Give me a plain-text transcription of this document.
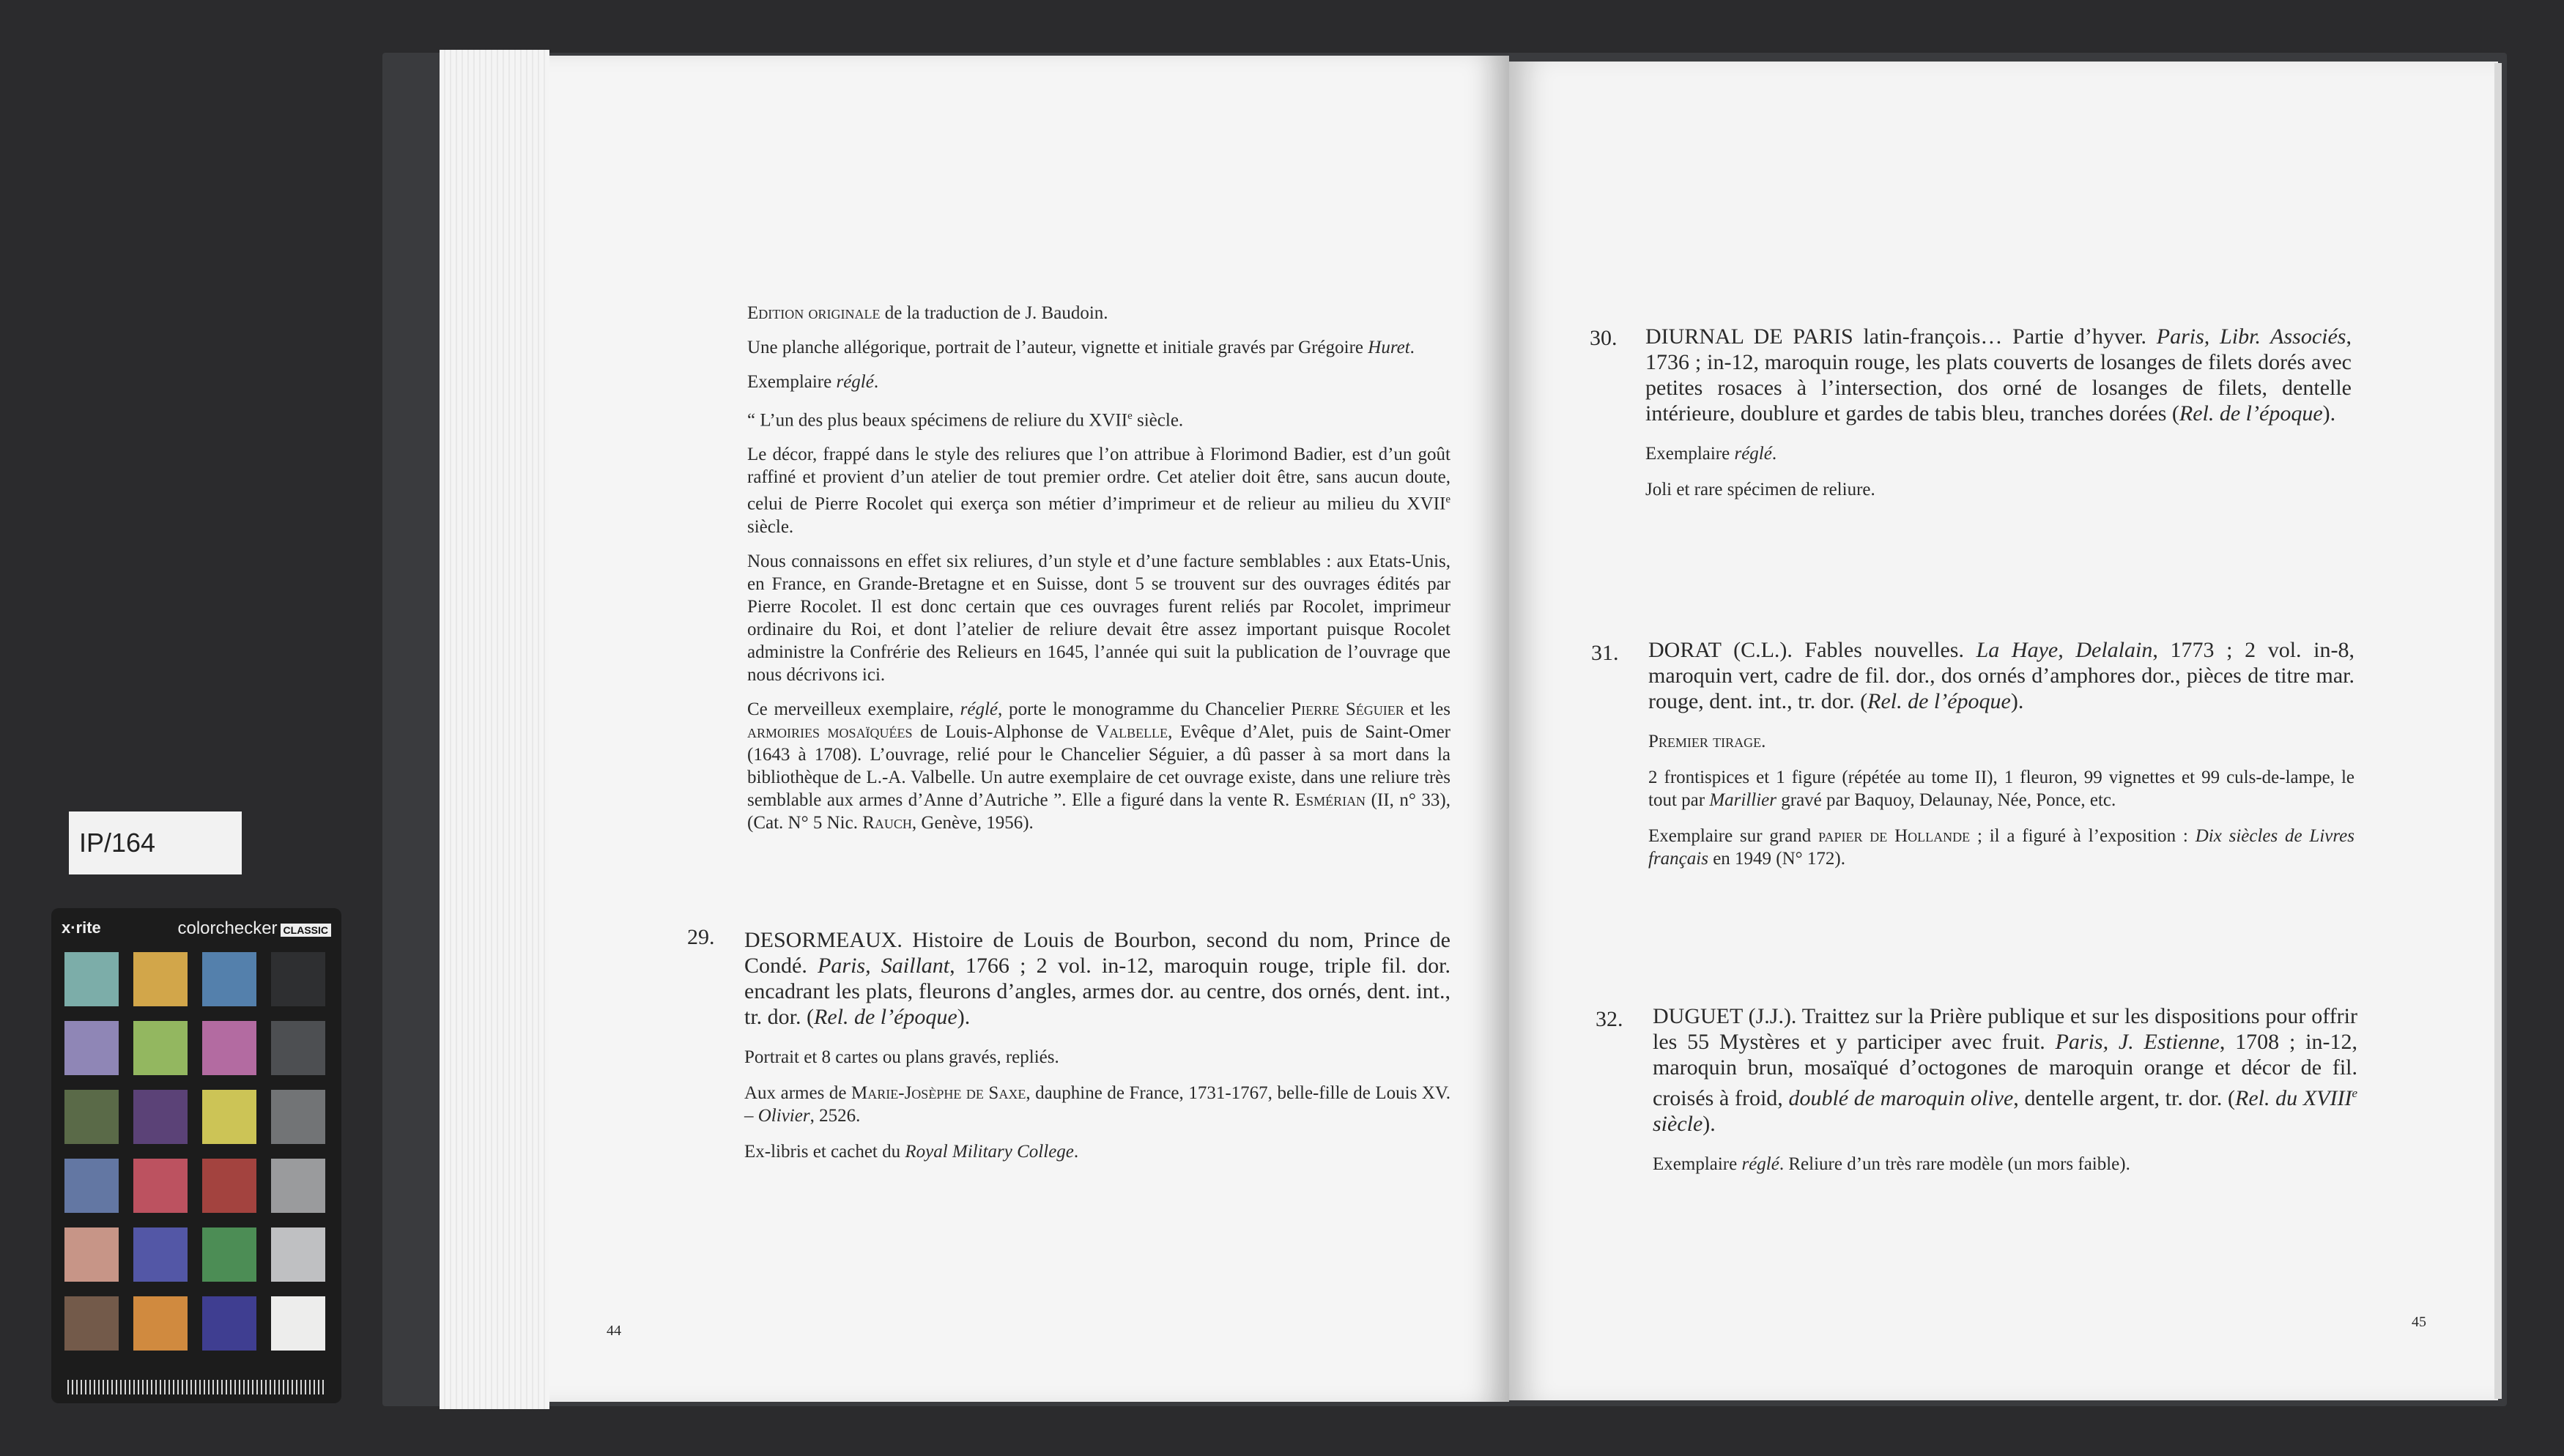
IP/164
x·rite	colorchecker CLASSIC

Edition originale de la traduction de J. Baudoin.

Une planche allégorique, portrait de l’auteur, vignette et initiale gravés par Grégoire Huret.

Exemplaire réglé.

“ L’un des plus beaux spécimens de reliure du XVIIe siècle.

Le décor, frappé dans le style des reliures que l’on attribue à Florimond Badier, est d’un goût raffiné et provient d’un atelier de tout premier ordre. Cet atelier doit être, sans aucun doute, celui de Pierre Rocolet qui exerça son métier d’imprimeur et de relieur au milieu du XVIIe siècle.

Nous connaissons en effet six reliures, d’un style et d’une facture semblables : aux Etats-Unis, en France, en Grande-Bretagne et en Suisse, dont 5 se trouvent sur des ouvrages édités par Pierre Rocolet. Il est donc certain que ces ouvrages furent reliés par Rocolet, imprimeur ordinaire du Roi, et dont l’atelier de reliure devait être assez important puisque Rocolet administre la Confrérie des Relieurs en 1645, l’année qui suit la publication de l’ouvrage que nous décrivons ici.

Ce merveilleux exemplaire, réglé, porte le monogramme du Chancelier Pierre Séguier et les armoiries mosaïquées de Louis-Alphonse de Valbelle, Evêque d’Alet, puis de Saint-Omer (1643 à 1708). L’ouvrage, relié pour le Chancelier Séguier, a dû passer à sa mort dans la bibliothèque de L.-A. Valbelle. Un autre exemplaire de cet ouvrage existe, dans une reliure très semblable aux armes d’Anne d’Autriche ”. Elle a figuré dans la vente R. Esmérian (II, n° 33), (Cat. N° 5 Nic. Rauch, Genève, 1956).

29. DESORMEAUX. Histoire de Louis de Bourbon, second du nom, Prince de Condé. Paris, Saillant, 1766 ; 2 vol. in-12, maroquin rouge, triple fil. dor. encadrant les plats, fleurons d’angles, armes dor. au centre, dos ornés, dent. int., tr. dor. (Rel. de l’époque).

Portrait et 8 cartes ou plans gravés, repliés.

Aux armes de Marie-Josèphe de Saxe, dauphine de France, 1731-1767, belle-fille de Louis XV. – Olivier, 2526.

Ex-libris et cachet du Royal Military College.

44
30. DIURNAL DE PARIS latin-françois… Partie d’hyver. Paris, Libr. Associés, 1736 ; in-12, maroquin rouge, les plats couverts de losanges de filets dorés avec petites rosaces à l’intersection, dos orné de losanges de filets, dentelle intérieure, doublure et gardes de tabis bleu, tranches dorées (Rel. de l’époque).

Exemplaire réglé.

Joli et rare spécimen de reliure.

31. DORAT (C.L.). Fables nouvelles. La Haye, Delalain, 1773 ; 2 vol. in-8, maroquin vert, cadre de fil. dor., dos ornés d’amphores dor., pièces de titre mar. rouge, dent. int., tr. dor. (Rel. de l’époque).

Premier tirage.

2 frontispices et 1 figure (répétée au tome II), 1 fleuron, 99 vignettes et 99 culs-de-lampe, le tout par Marillier gravé par Baquoy, Delaunay, Née, Ponce, etc.

Exemplaire sur grand papier de Hollande ; il a figuré à l’exposition : Dix siècles de Livres français en 1949 (N° 172).

32. DUGUET (J.J.). Traittez sur la Prière publique et sur les dispositions pour offrir les 55 Mystères et y participer avec fruit. Paris, J. Estienne, 1708 ; in-12, maroquin brun, mosaïqué d’octogones de maroquin orange et décor de fil. croisés à froid, doublé de maroquin olive, dentelle argent, tr. dor. (Rel. du XVIIIe siècle).

Exemplaire réglé. Reliure d’un très rare modèle (un mors faible).

45
